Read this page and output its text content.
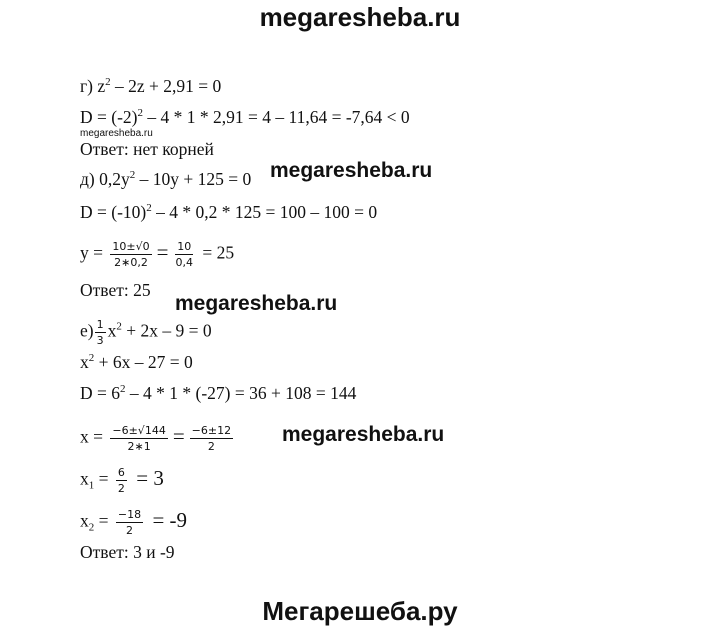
megaresheba.ru
г) $z^2 - 2z + 2,91 = 0$
$D = (-2)^2 - 4 * 1 * 2,91 = 4 - 11,64 = -7,64 < 0$
megaresheba.ru
Ответ: нет корней
д) $0,2y^2 - 10y + 125 = 0$ megaresheba.ru
$D = (-10)^2 - 4 * 0,2 * 125 = 100 - 100 = 0$
$y = \frac{10\pm√0}{2∗0,2} = \frac{10}{0,4} = 25$
Ответ: 25
megaresheba.ru
$е) \frac{1}{3} x^2 + 2x - 9 = 0$
$x^2 + 6x - 27 = 0$
$D = 6^2 - 4 * 1 * (-27) = 36 + 108 = 144$
$x = \frac{-6\pm√144}{2∗1} = \frac{-6\pm 12}{2}$ megaresheba.ru
$x_1 = \frac{6}{2} = 3$
$x_2 = \frac{-18}{2} = -9$
Ответ: 3 и -9
Мегарешеба.ру
